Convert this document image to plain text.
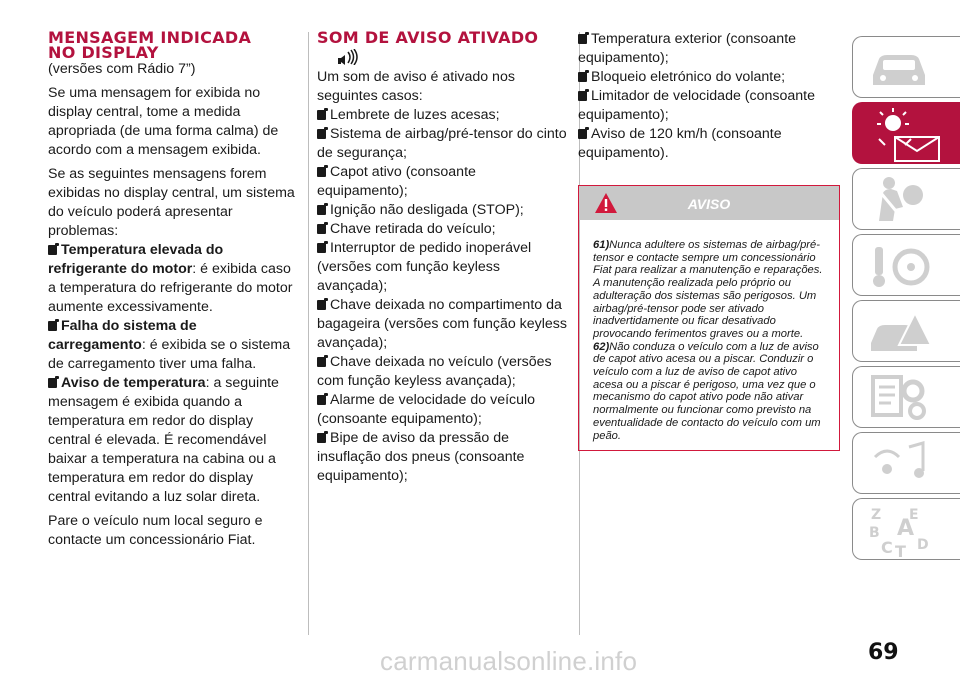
MENSAGEM INDICADA
NO DISPLAY

(versões com Rádio 7”)

Se uma mensagem for exibida no display central, tome a medida apropriada (de uma forma calma) de acordo com a mensagem exibida.

Se as seguintes mensagens forem exibidas no display central, um sistema do veículo poderá apresentar problemas:

Temperatura elevada do refrigerante do motor: é exibida caso a temperatura do refrigerante do motor aumente excessivamente.
Falha do sistema de carregamento: é exibida se o sistema de carregamento tiver uma falha.
Aviso de temperatura: a seguinte mensagem é exibida quando a temperatura em redor do display central é elevada. É recomendável baixar a temperatura na cabina ou a temperatura em redor do display central evitando a luz solar direta.

Pare o veículo num local seguro e contacte um concessionário Fiat.

SOM DE AVISO ATIVADO

Um som de aviso é ativado nos seguintes casos:

Lembrete de luzes acesas;
Sistema de airbag/pré-tensor do cinto de segurança;
Capot ativo (consoante equipamento);
Ignição não desligada (STOP);
Chave retirada do veículo;
Interruptor de pedido inoperável (versões com função keyless avançada);
Chave deixada no compartimento da bagageira (versões com função keyless avançada);
Chave deixada no veículo (versões com função keyless avançada);
Alarme de velocidade do veículo (consoante equipamento);
Bipe de aviso da pressão de insuflação dos pneus (consoante equipamento);
Temperatura exterior (consoante equipamento);
Bloqueio eletrónico do volante;
Limitador de velocidade (consoante equipamento);
Aviso de 120 km/h (consoante equipamento).
AVISO
61)Nunca adultere os sistemas de airbag/pré-tensor e contacte sempre um concessionário Fiat para realizar a manutenção e reparações. A manutenção realizada pelo próprio ou adulteração dos sistemas são perigosos. Um airbag/pré-tensor pode ser ativado inadvertidamente ou ficar desativado provocando ferimentos graves ou a morte.
62)Não conduza o veículo com a luz de aviso de capot ativo acesa ou a piscar. Conduzir o veículo com a luz de aviso de capot ativo acesa ou a piscar é perigoso, uma vez que o mecanismo do capot ativo pode não ativar normalmente ou funcionar como previsto na eventualidade de contacto do veículo com um peão.
Z E
B A
C T D
carmanualsonline.info	69
